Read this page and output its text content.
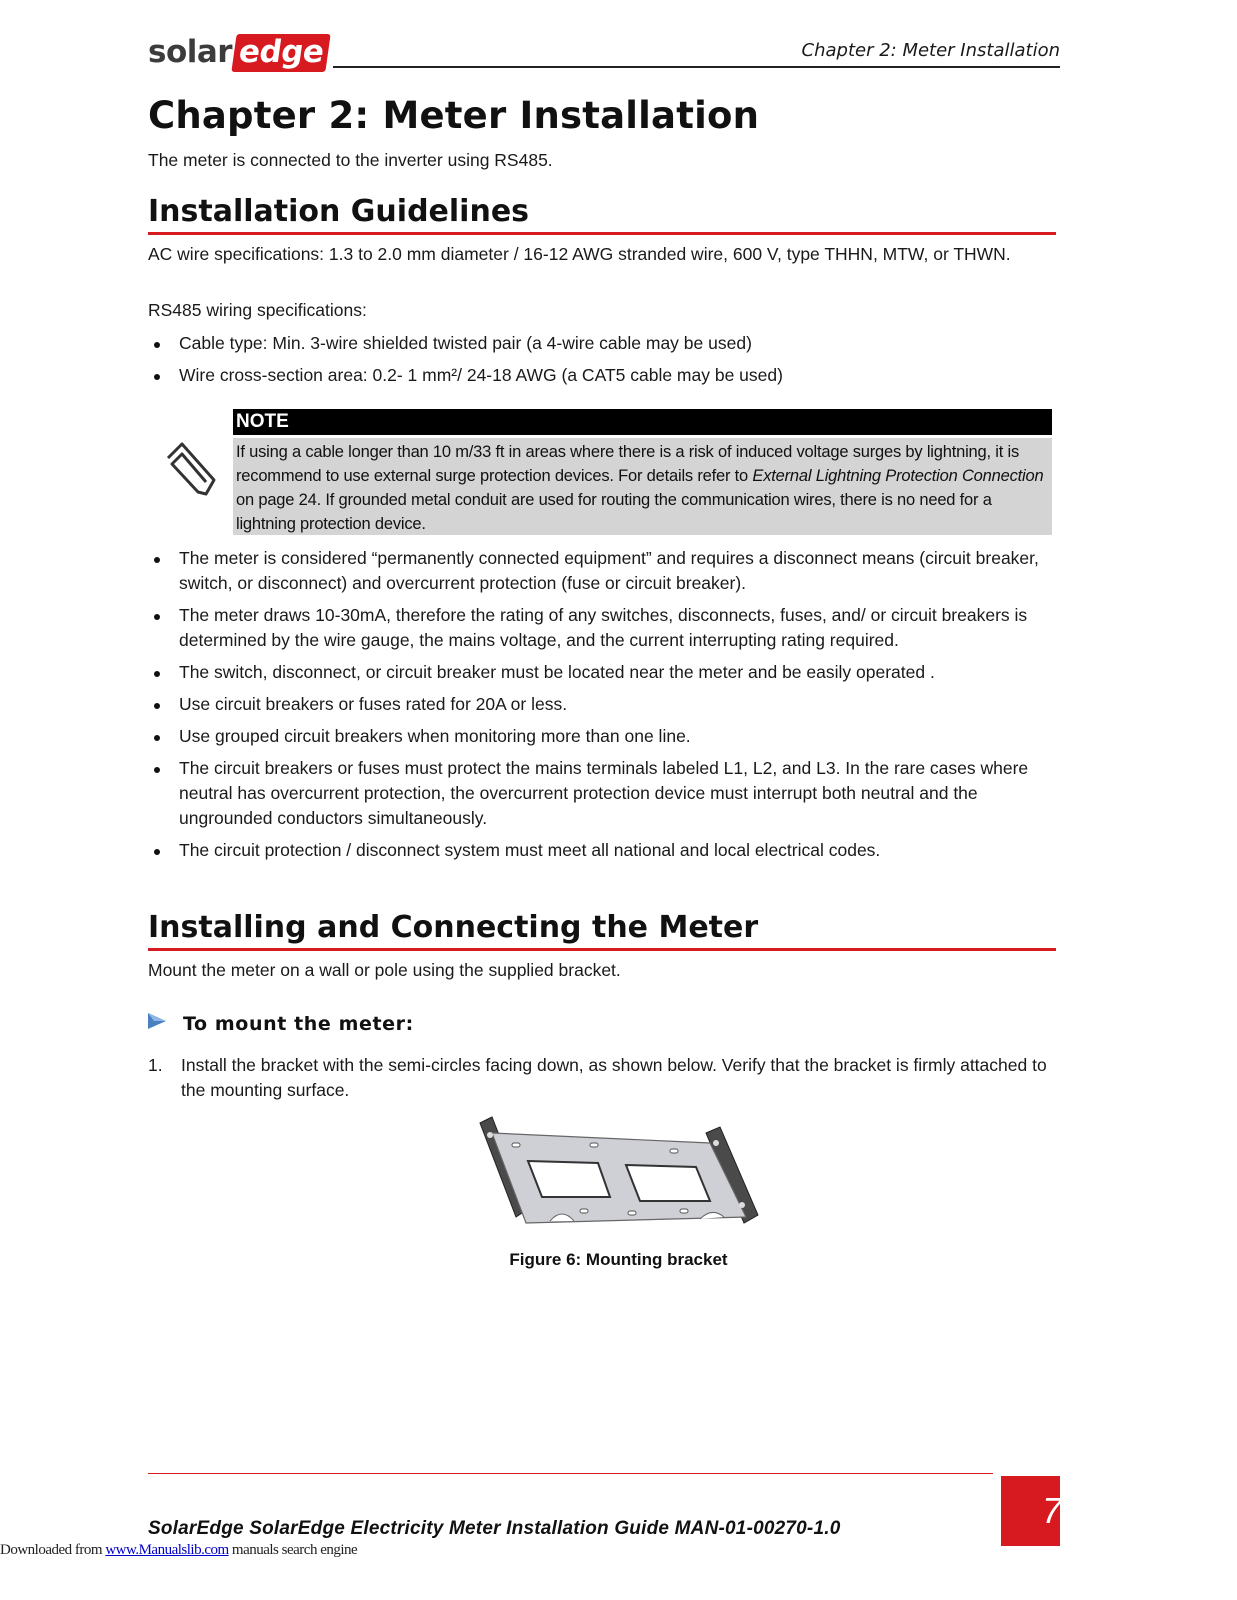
solar edge	Chapter 2: Meter Installation
Chapter 2: Meter Installation
The meter is connected to the inverter using RS485.
Installation Guidelines
AC wire specifications: 1.3 to 2.0 mm diameter / 16-12 AWG stranded wire, 600 V, type THHN, MTW, or THWN.
RS485 wiring specifications:
Cable type: Min. 3-wire shielded twisted pair (a 4-wire cable may be used)
Wire cross-section area: 0.2- 1 mm²/ 24-18 AWG (a CAT5 cable may be used)
NOTE
If using a cable longer than 10 m/33 ft in areas where there is a risk of induced voltage surges by lightning, it is recommend to use external surge protection devices. For details refer to External Lightning Protection Connection on page 24. If grounded metal conduit are used for routing the communication wires, there is no need for a lightning protection device.
The meter is considered “permanently connected equipment” and requires a disconnect means (circuit breaker, switch, or disconnect) and overcurrent protection (fuse or circuit breaker).
The meter draws 10-30mA, therefore the rating of any switches, disconnects, fuses, and/ or circuit breakers is determined by the wire gauge, the mains voltage, and the current interrupting rating required.
The switch, disconnect, or circuit breaker must be located near the meter and be easily operated .
Use circuit breakers or fuses rated for 20A or less.
Use grouped circuit breakers when monitoring more than one line.
The circuit breakers or fuses must protect the mains terminals labeled L1, L2, and L3. In the rare cases where neutral has overcurrent protection, the overcurrent protection device must interrupt both neutral and the ungrounded conductors simultaneously.
The circuit protection / disconnect system must meet all national and local electrical codes.
Installing and Connecting the Meter
Mount the meter on a wall or pole using the supplied bracket.
To mount the meter:
1. Install the bracket with the semi-circles facing down, as shown below. Verify that the bracket is firmly attached to the mounting surface.
Figure 6: Mounting bracket
SolarEdge SolarEdge Electricity Meter Installation Guide MAN-01-00270-1.0	7
Downloaded from www.Manualslib.com manuals search engine
